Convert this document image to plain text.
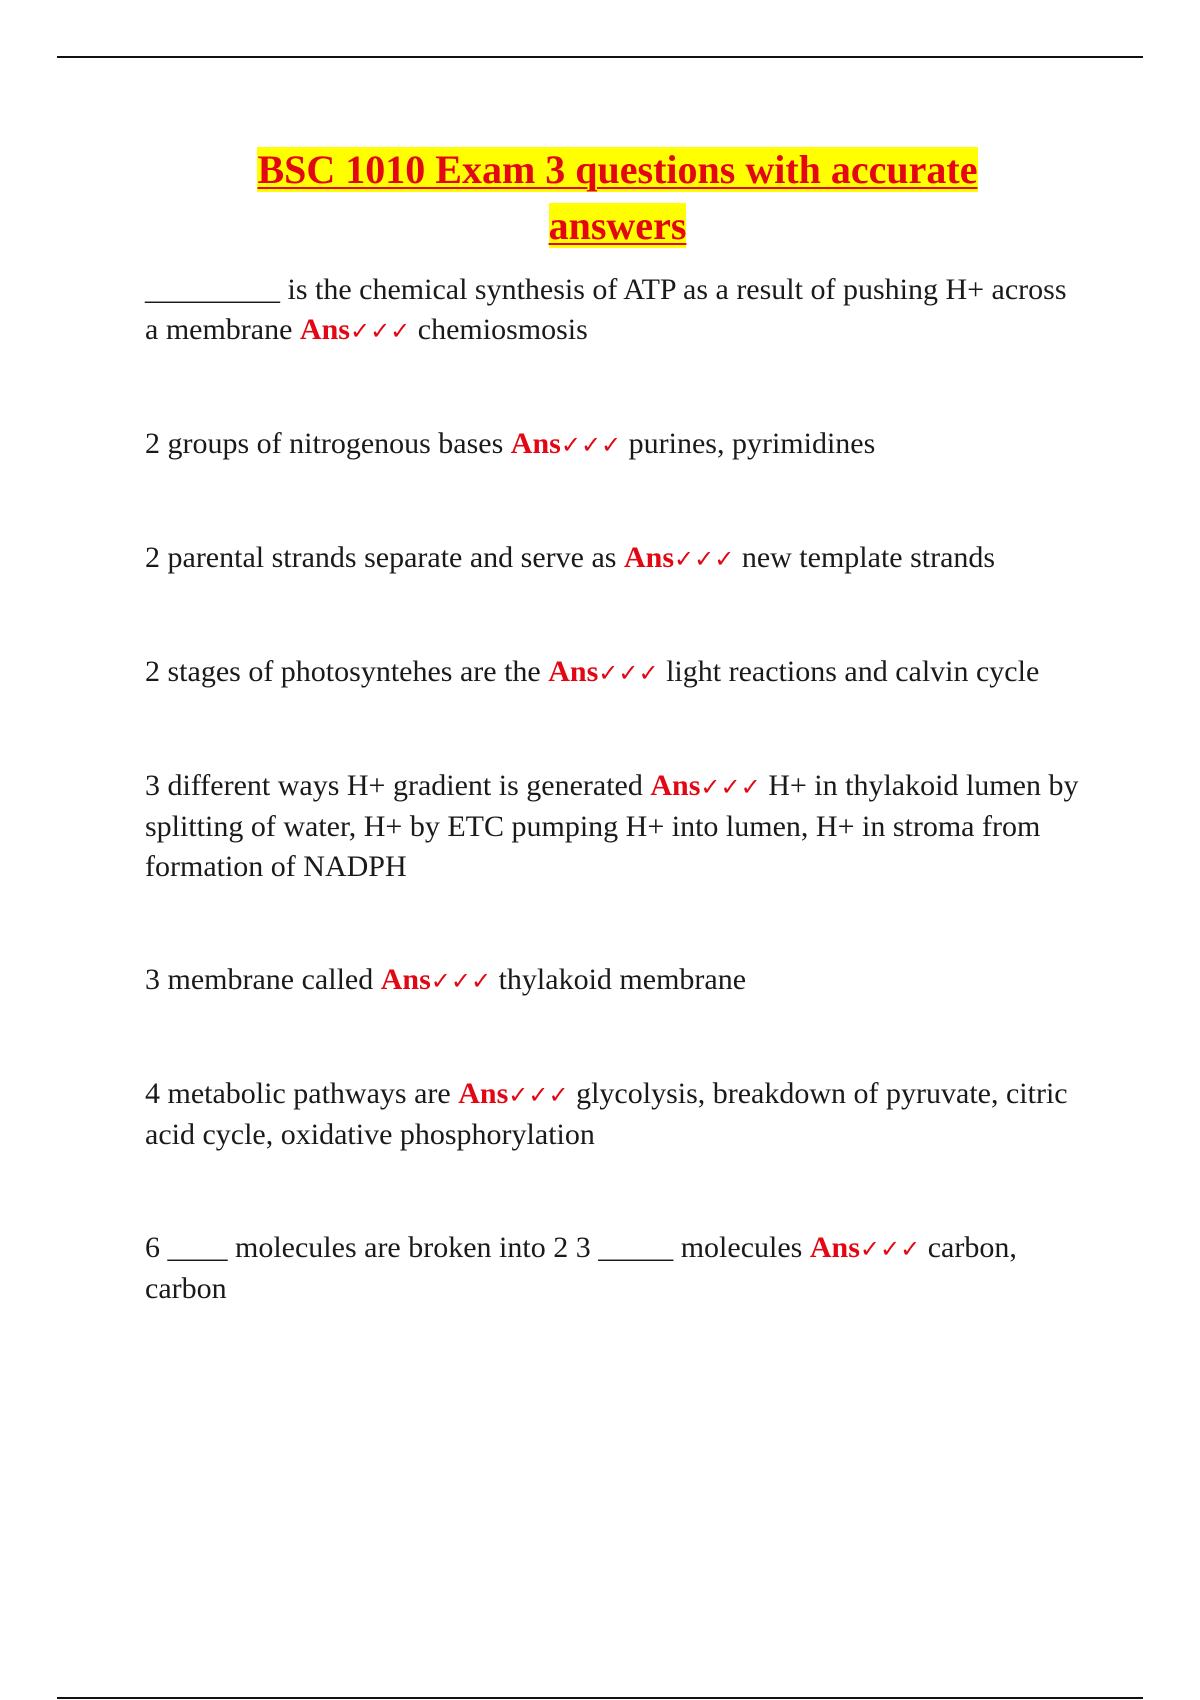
BSC 1010 Exam 3 questions with accurate
answers

_________ is the chemical synthesis of ATP as a result of pushing H+ across a membrane Ans✓✓✓ chemiosmosis

2 groups of nitrogenous bases Ans✓✓✓ purines, pyrimidines

2 parental strands separate and serve as Ans✓✓✓ new template strands

2 stages of photosyntehes are the Ans✓✓✓ light reactions and calvin cycle

3 different ways H+ gradient is generated Ans✓✓✓ H+ in thylakoid lumen by splitting of water, H+ by ETC pumping H+ into lumen, H+ in stroma from formation of NADPH

3 membrane called Ans✓✓✓ thylakoid membrane

4 metabolic pathways are Ans✓✓✓ glycolysis, breakdown of pyruvate, citric acid cycle, oxidative phosphorylation

6 ____ molecules are broken into 2 3 _____ molecules Ans✓✓✓ carbon, carbon
